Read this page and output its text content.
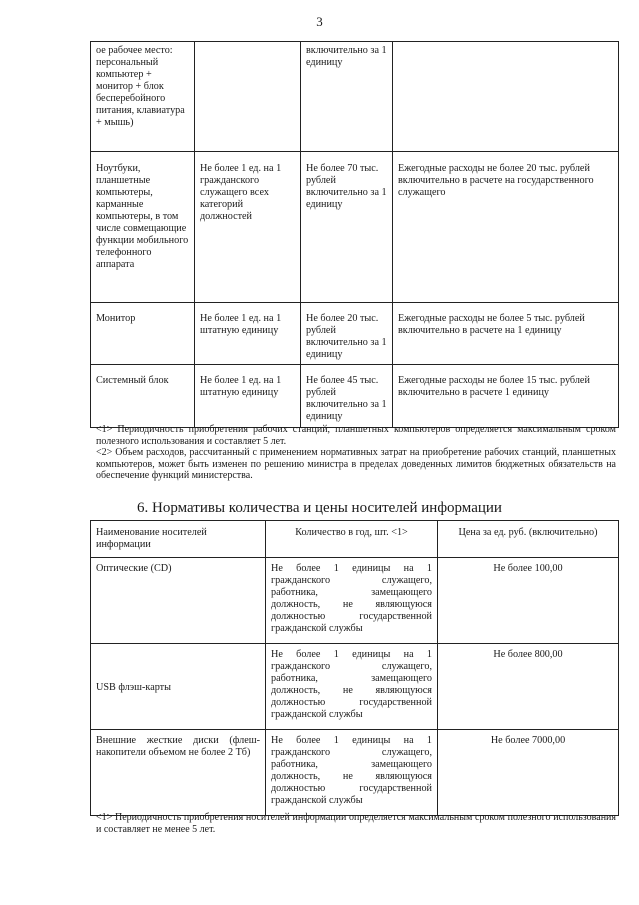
3
ое рабочее место: персональный компьютер + монитор + блок бесперебойного питания, клавиатура + мышь)		включительно за 1 единицу	
Ноутбуки, планшетные компьютеры, карманные компьютеры, в том числе совмещающие функции мобильного телефонного аппарата	Не более 1 ед. на 1 гражданского служащего всех категорий должностей	Не более 70 тыс. рублей включительно за 1 единицу	Ежегодные расходы не более 20 тыс. рублей включительно в расчете на государственного служащего
Монитор	Не более 1 ед. на 1 штатную единицу	Не более 20 тыс. рублей включительно за 1 единицу	Ежегодные расходы не более 5 тыс. рублей включительно в расчете на 1 единицу
Системный блок	Не более 1 ед. на 1 штатную единицу	Не более 45 тыс. рублей включительно за 1 единицу	Ежегодные расходы не более 15 тыс. рублей включительно в расчете 1 единицу

<1> Периодичность приобретения рабочих станций, планшетных компьютеров определяется максимальным сроком полезного использования и составляет 5 лет.

<2> Объем расходов, рассчитанный с применением нормативных затрат на приобретение рабочих станций, планшетных компьютеров, может быть изменен по решению министра в пределах доведенных лимитов бюджетных обязательств на обеспечение функций министерства.

6. Нормативы количества и цены носителей информации
Наименование носителей информации	Количество в год, шт. <1>	Цена за ед. руб. (включительно)
Оптические (CD)	Не более 1 единицы на 1 гражданского служащего, работника, замещающего должность, не являющуюся должностью государственной гражданской службы	Не более 100,00
USB флэш-карты	Не более 1 единицы на 1 гражданского служащего, работника, замещающего должность, не являющуюся должностью государственной гражданской службы	Не более 800,00
Внешние жесткие диски (флеш-накопители объемом не более 2 Тб)	Не более 1 единицы на 1 гражданского служащего, работника, замещающего должность, не являющуюся должностью государственной гражданской службы	Не более 7000,00

<1> Периодичность приобретения носителей информации определяется максимальным сроком полезного использования и составляет не менее 5 лет.
